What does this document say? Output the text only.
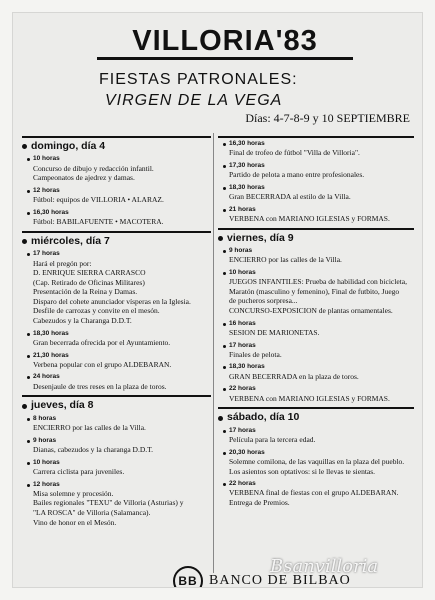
VILLORIA'83
FIESTAS PATRONALES:
VIRGEN DE LA VEGA
Días: 4-7-8-9 y 10 SEPTIEMBRE
domingo, día 4
10 horas
Concurso de dibujo y redacción infantil.
Campeonatos de ajedrez y damas.
12 horas
Fútbol: equipos de VILLORIA • ALARAZ.
16,30 horas
Fútbol: BABILAFUENTE • MACOTERA.
miércoles, día 7
17 horas
Hará el pregón por:
D. ENRIQUE SIERRA CARRASCO
(Cap. Retirado de Oficinas Militares)
Presentación de la Reina y Damas.
Disparo del cohete anunciador vísperas en la Iglesia.
Desfile de carrozas y convite en el mesón.
Cabezudos y la Charanga D.D.T.
18,30 horas
Gran becerrada ofrecida por el Ayuntamiento.
21,30 horas
Verbena popular con el grupo ALDEBARAN.
24 horas
Desenjaule de tres reses en la plaza de toros.
jueves, día 8
8 horas
ENCIERRO por las calles de la Villa.
9 horas
Dianas, cabezudos y la charanga D.D.T.
10 horas
Carrera ciclista para juveniles.
12 horas
Misa solemne y procesión.
Bailes regionales "TEXU" de Villoria (Asturias) y
"LA ROSCA" de Villoria (Salamanca).
Vino de honor en el Mesón.
16,30 horas
Final de trofeo de fútbol "Villa de Villoria".
17,30 horas
Partido de pelota a mano entre profesionales.
18,30 horas
Gran BECERRADA al estilo de la Villa.
21 horas
VERBENA con MARIANO IGLESIAS y FORMAS.
viernes, día 9
9 horas
ENCIERRO por las calles de la Villa.
10 horas
JUEGOS INFANTILES: Prueba de habilidad con bicicleta,
Maratón (masculino y femenino), Final de futbito, Juego
de pucheros sorpresa...
CONCURSO-EXPOSICION de plantas ornamentales.
16 horas
SESION DE MARIONETAS.
17 horas
Finales de pelota.
18,30 horas
GRAN BECERRADA en la plaza de toros.
22 horas
VERBENA con MARIANO IGLESIAS y FORMAS.
sábado, día 10
17 horas
Película para la tercera edad.
20,30 horas
Solemne comilona, de las vaquillas en la plaza del pueblo.
Los asientos son optativos: si le llevas te sientas.
22 horas
VERBENA final de fiestas con el grupo ALDEBARAN.
Entrega de Premios.
BB BANCO DE BILBAO
Bsanvilloria
